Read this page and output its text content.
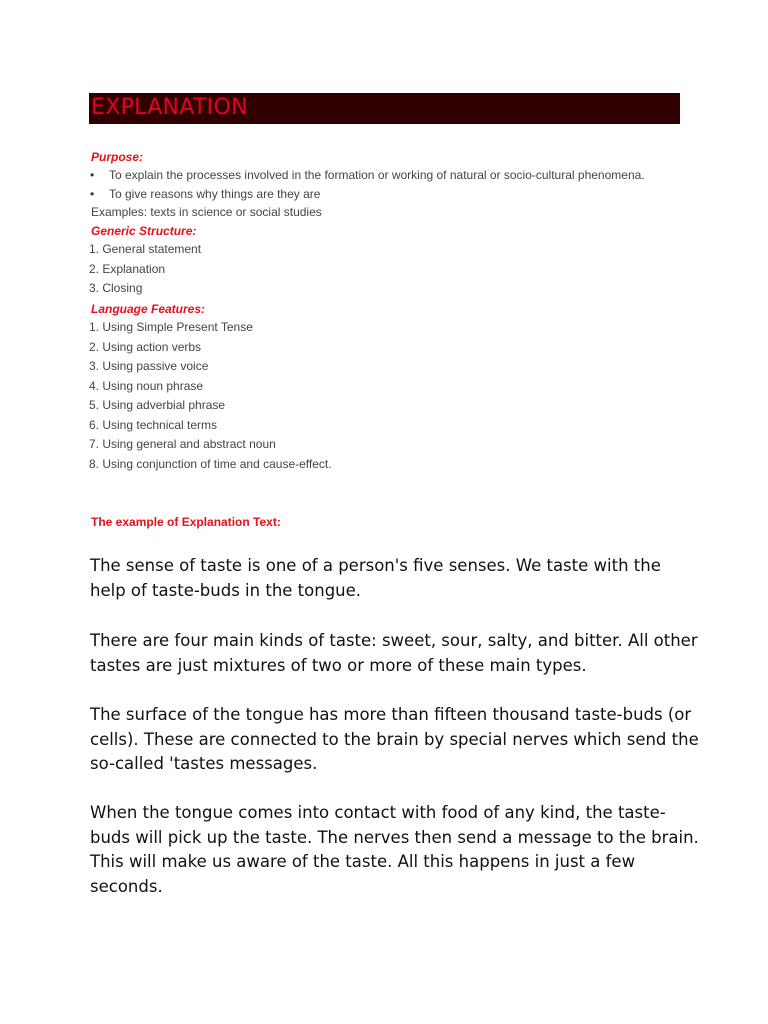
EXPLANATION
Purpose:
• To explain the processes involved in the formation or working of natural or socio-cultural phenomena.
• To give reasons why things are they are
Examples: texts in science or social studies
Generic Structure:
1. General statement
2. Explanation
3. Closing
Language Features:
1. Using Simple Present Tense
2. Using action verbs
3. Using passive voice
4. Using noun phrase
5. Using adverbial phrase
6. Using technical terms
7. Using general and abstract noun
8. Using conjunction of time and cause-effect.
The example of Explanation Text:

The sense of taste is one of a person's five senses. We taste with the help of taste-buds in the tongue.

There are four main kinds of taste: sweet, sour, salty, and bitter. All other tastes are just mixtures of two or more of these main types.

The surface of the tongue has more than fifteen thousand taste-buds (or cells). These are connected to the brain by special nerves which send the so-called 'tastes messages.

When the tongue comes into contact with food of any kind, the taste-buds will pick up the taste. The nerves then send a message to the brain. This will make us aware of the taste. All this happens in just a few seconds.
